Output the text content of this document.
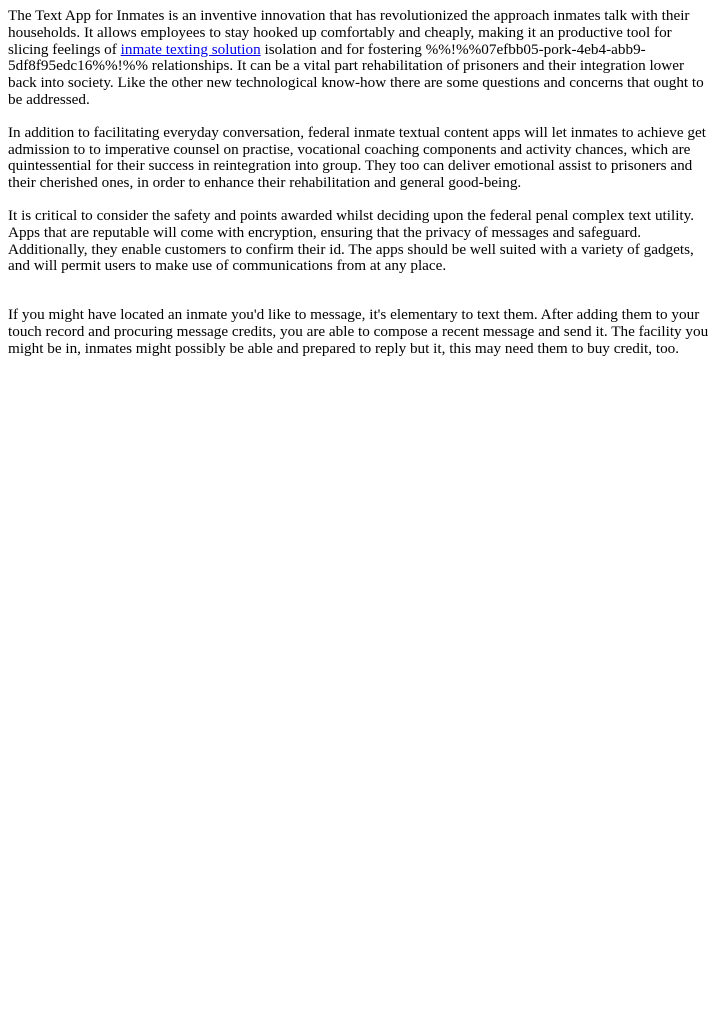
The Text App for Inmates is an inventive innovation that has revolutionized the approach inmates talk with their households. It allows employees to stay hooked up comfortably and cheaply, making it an productive tool for slicing feelings of inmate texting solution isolation and for fostering %%!%%07efbb05-pork-4eb4-abb9-5df8f95edc16%%!%% relationships. It can be a vital part rehabilitation of prisoners and their integration lower back into society. Like the other new technological know-how there are some questions and concerns that ought to be addressed.

In addition to facilitating everyday conversation, federal inmate textual content apps will let inmates to achieve get admission to to imperative counsel on practise, vocational coaching components and activity chances, which are quintessential for their success in reintegration into group. They too can deliver emotional assist to prisoners and their cherished ones, in order to enhance their rehabilitation and general good-being.

It is critical to consider the safety and points awarded whilst deciding upon the federal penal complex text utility. Apps that are reputable will come with encryption, ensuring that the privacy of messages and safeguard. Additionally, they enable customers to confirm their id. The apps should be well suited with a variety of gadgets, and will permit users to make use of communications from at any place.

If you might have located an inmate you'd like to message, it's elementary to text them. After adding them to your touch record and procuring message credits, you are able to compose a recent message and send it. The facility you might be in, inmates might possibly be able and prepared to reply but it, this may need them to buy credit, too.
